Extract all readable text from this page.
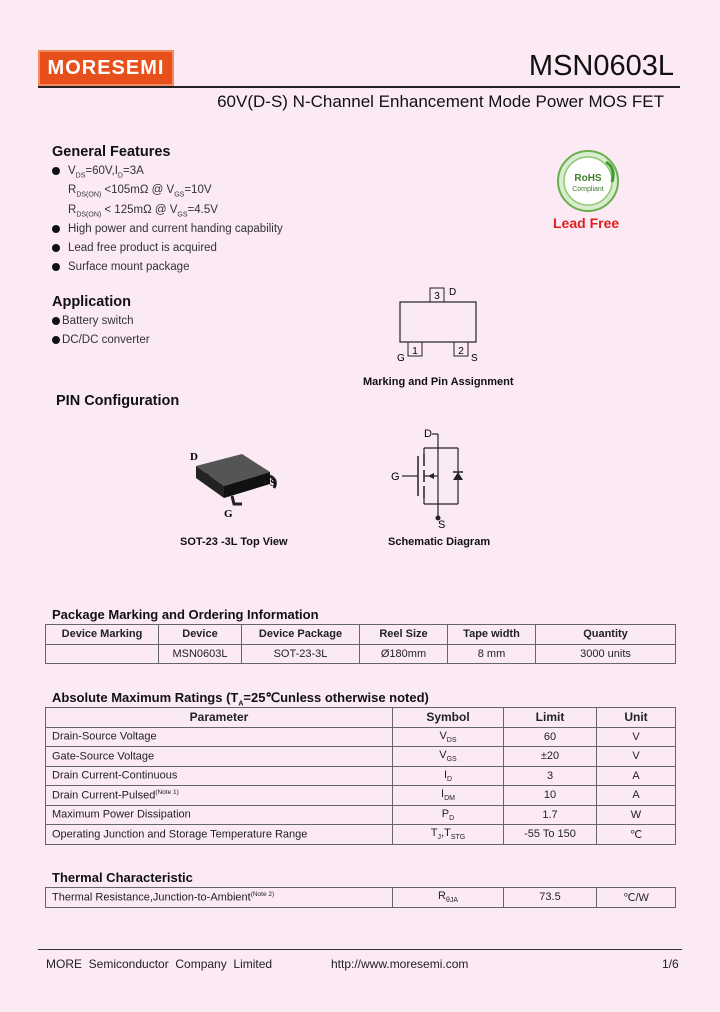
MORESEMI	MSN0603L
60V(D-S) N-Channel Enhancement Mode Power MOS FET
General Features
$V_{DS}=60V,I_D=3A$
$R_{DS(ON)} <105m\Omega$ @ $V_{GS}=10V$
$R_{DS(ON)} < 125m\Omega$ @ $V_{GS}=4.5V$
High power and current handing capability
Lead free product is acquired
Surface mount package
RoHS
Compliant
Lead Free
Application
Battery switch
DC/DC converter
3 D
1
G
2
S
Marking and Pin Assignment
PIN Configuration
D
S
G
SOT-23 -3L Top View
D
G
S
Schematic Diagram
Package Marking and Ordering Information
Device Marking	Device	Device Package	Reel Size	Tape width	Quantity
	MSN0603L	SOT-23-3L	Ø180mm	8 mm	3000 units
Absolute Maximum Ratings ($T_A=25℃unless$ otherwise noted)
Parameter	Symbol	Limit	Unit
Drain-Source Voltage	$V_{DS}$	60	V
Gate-Source Voltage	$V_{GS}$	±20	V
Drain Current-Continuous	$I_D$	3	A
Drain Current-Pulsed$^{(Note 1)}$	$I_{DM}$	10	A
Maximum Power Dissipation	$P_D$	1.7	W
Operating Junction and Storage Temperature Range	$T_J,T_{STG}$	-55 To 150	℃
Thermal Characteristic
Thermal Resistance,Junction-to-Ambient$^{(Note 2)}$	$R_{\theta JA}$	73.5	℃/W
MORE  Semiconductor  Company  Limited	http://www.moresemi.com	1/6
